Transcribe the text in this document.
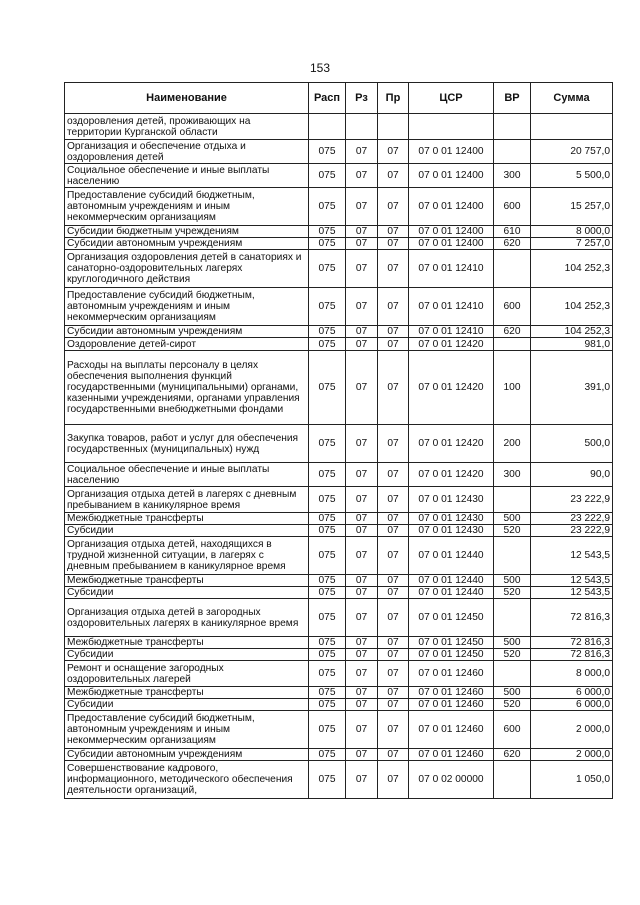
153
Наименование	Расп	Рз	Пр	ЦСР	ВР	Сумма
оздоровления детей, проживающих на территории Курганской области						
Организация и обеспечение отдыха и оздоровления детей	075	07	07	07 0 01 12400		20 757,0
Социальное обеспечение и иные выплаты населению	075	07	07	07 0 01 12400	300	5 500,0
Предоставление субсидий бюджетным, автономным учреждениям и иным некоммерческим организациям	075	07	07	07 0 01 12400	600	15 257,0
Субсидии бюджетным учреждениям	075	07	07	07 0 01 12400	610	8 000,0
Субсидии автономным учреждениям	075	07	07	07 0 01 12400	620	7 257,0
Организация оздоровления детей в санаториях и санаторно-оздоровительных лагерях круглогодичного действия	075	07	07	07 0 01 12410		104 252,3
Предоставление субсидий бюджетным, автономным учреждениям и иным некоммерческим организациям	075	07	07	07 0 01 12410	600	104 252,3
Субсидии автономным учреждениям	075	07	07	07 0 01 12410	620	104 252,3
Оздоровление детей-сирот	075	07	07	07 0 01 12420		981,0
Расходы на выплаты персоналу в целях обеспечения выполнения функций государственными (муниципальными) органами, казенными учреждениями, органами управления государственными внебюджетными фондами	075	07	07	07 0 01 12420	100	391,0
Закупка товаров, работ и услуг для обеспечения государственных (муниципальных) нужд	075	07	07	07 0 01 12420	200	500,0
Социальное обеспечение и иные выплаты населению	075	07	07	07 0 01 12420	300	90,0
Организация отдыха детей в лагерях с дневным пребыванием в каникулярное время	075	07	07	07 0 01 12430		23 222,9
Межбюджетные трансферты	075	07	07	07 0 01 12430	500	23 222,9
Субсидии	075	07	07	07 0 01 12430	520	23 222,9
Организация отдыха детей, находящихся в трудной жизненной ситуации, в лагерях с дневным пребыванием в каникулярное время	075	07	07	07 0 01 12440		12 543,5
Межбюджетные трансферты	075	07	07	07 0 01 12440	500	12 543,5
Субсидии	075	07	07	07 0 01 12440	520	12 543,5
Организация отдыха детей в загородных оздоровительных лагерях в каникулярное время	075	07	07	07 0 01 12450		72 816,3
Межбюджетные трансферты	075	07	07	07 0 01 12450	500	72 816,3
Субсидии	075	07	07	07 0 01 12450	520	72 816,3
Ремонт и оснащение загородных оздоровительных лагерей	075	07	07	07 0 01 12460		8 000,0
Межбюджетные трансферты	075	07	07	07 0 01 12460	500	6 000,0
Субсидии	075	07	07	07 0 01 12460	520	6 000,0
Предоставление субсидий бюджетным, автономным учреждениям и иным некоммерческим организациям	075	07	07	07 0 01 12460	600	2 000,0
Субсидии автономным учреждениям	075	07	07	07 0 01 12460	620	2 000,0
Совершенствование кадрового, информационного, методического обеспечения деятельности организаций,	075	07	07	07 0 02 00000		1 050,0
